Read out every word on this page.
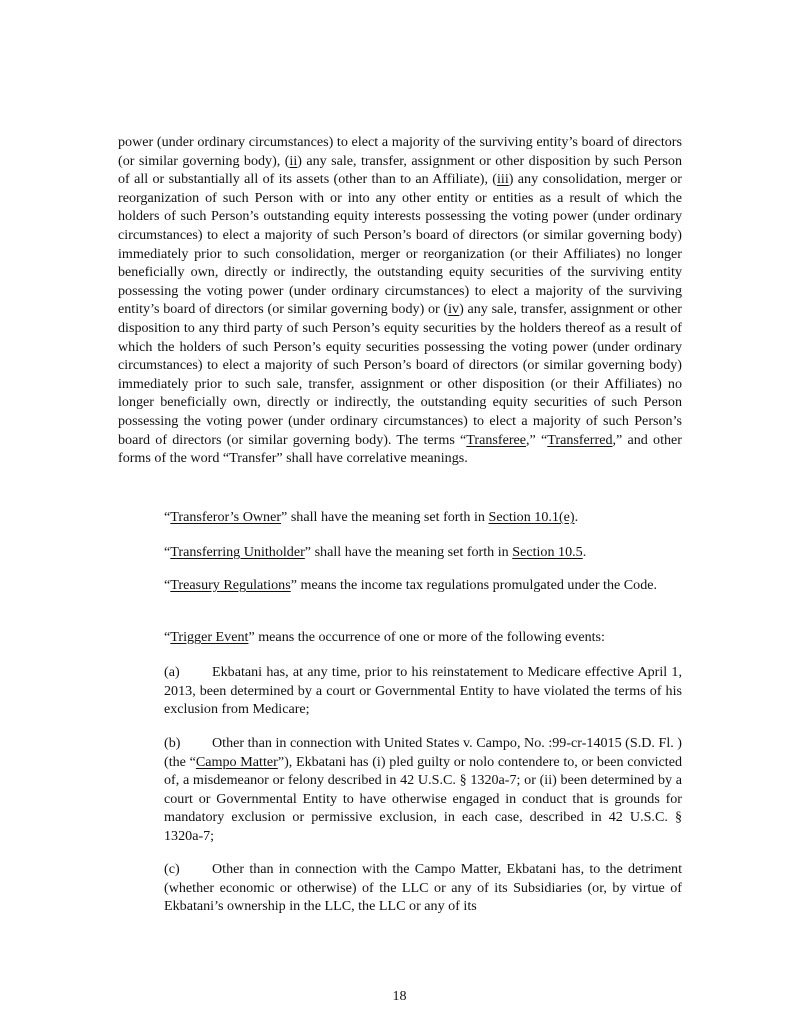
power (under ordinary circumstances) to elect a majority of the surviving entity’s board of directors (or similar governing body), (ii) any sale, transfer, assignment or other disposition by such Person of all or substantially all of its assets (other than to an Affiliate), (iii) any consolidation, merger or reorganization of such Person with or into any other entity or entities as a result of which the holders of such Person’s outstanding equity interests possessing the voting power (under ordinary circumstances) to elect a majority of such Person’s board of directors (or similar governing body) immediately prior to such consolidation, merger or reorganization (or their Affiliates) no longer beneficially own, directly or indirectly, the outstanding equity securities of the surviving entity possessing the voting power (under ordinary circumstances) to elect a majority of the surviving entity’s board of directors (or similar governing body) or (iv) any sale, transfer, assignment or other disposition to any third party of such Person’s equity securities by the holders thereof as a result of which the holders of such Person’s equity securities possessing the voting power (under ordinary circumstances) to elect a majority of such Person’s board of directors (or similar governing body) immediately prior to such sale, transfer, assignment or other disposition (or their Affiliates) no longer beneficially own, directly or indirectly, the outstanding equity securities of such Person possessing the voting power (under ordinary circumstances) to elect a majority of such Person’s board of directors (or similar governing body). The terms “Transferee,” “Transferred,” and other forms of the word “Transfer” shall have correlative meanings.

“Transferor’s Owner” shall have the meaning set forth in Section 10.1(e).

“Transferring Unitholder” shall have the meaning set forth in Section 10.5.

“Treasury Regulations” means the income tax regulations promulgated under the Code.

“Trigger Event” means the occurrence of one or more of the following events:

(a) Ekbatani has, at any time, prior to his reinstatement to Medicare effective April 1, 2013, been determined by a court or Governmental Entity to have violated the terms of his exclusion from Medicare;

(b) Other than in connection with United States v. Campo, No. :99-cr-14015 (S.D. Fl. ) (the “Campo Matter”), Ekbatani has (i) pled guilty or nolo contendere to, or been convicted of, a misdemeanor or felony described in 42 U.S.C. § 1320a-7; or (ii) been determined by a court or Governmental Entity to have otherwise engaged in conduct that is grounds for mandatory exclusion or permissive exclusion, in each case, described in 42 U.S.C. § 1320a-7;

(c) Other than in connection with the Campo Matter, Ekbatani has, to the detriment (whether economic or otherwise) of the LLC or any of its Subsidiaries (or, by virtue of Ekbatani’s ownership in the LLC, the LLC or any of its

18
